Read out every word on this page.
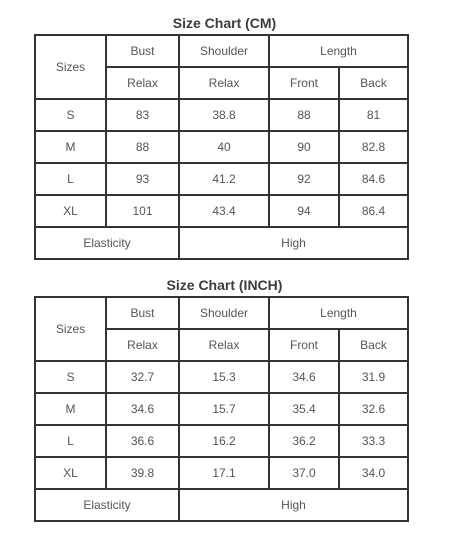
Size Chart (CM)
Sizes	Bust	Shoulder	Length	
	Relax	Relax	Front	Back
S	83	38.8	88	81
M	88	40	90	82.8
L	93	41.2	92	84.6
XL	101	43.4	94	86.4
Elasticity		High		
Size Chart (INCH)
Sizes	Bust	Shoulder	Length	
	Relax	Relax	Front	Back
S	32.7	15.3	34.6	31.9
M	34.6	15.7	35.4	32.6
L	36.6	16.2	36.2	33.3
XL	39.8	17.1	37.0	34.0
Elasticity		High		
